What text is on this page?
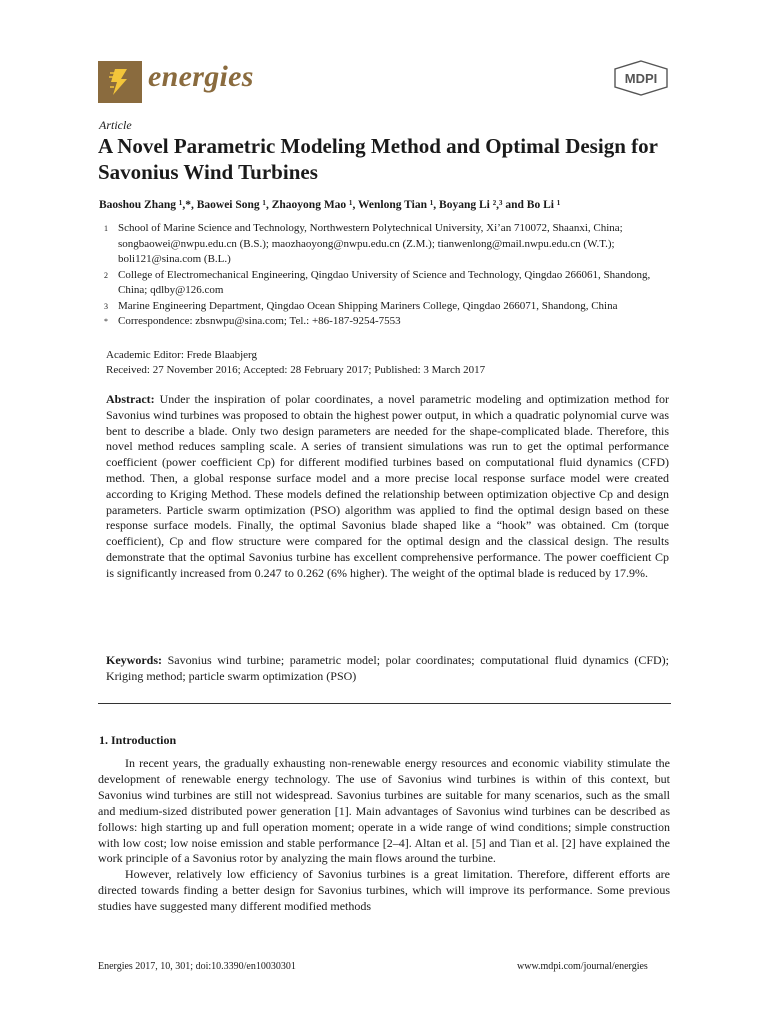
energies	MDPI
Article
A Novel Parametric Modeling Method and Optimal Design for Savonius Wind Turbines
Baoshou Zhang ¹,*, Baowei Song ¹, Zhaoyong Mao ¹, Wenlong Tian ¹, Boyang Li ²,³ and Bo Li ¹
1 School of Marine Science and Technology, Northwestern Polytechnical University, Xi’an 710072, Shaanxi, China; songbaowei@nwpu.edu.cn (B.S.); maozhaoyong@nwpu.edu.cn (Z.M.); tianwenlong@mail.nwpu.edu.cn (W.T.); boli121@sina.com (B.L.)
2 College of Electromechanical Engineering, Qingdao University of Science and Technology, Qingdao 266061, Shandong, China; qdlby@126.com
3 Marine Engineering Department, Qingdao Ocean Shipping Mariners College, Qingdao 266071, Shandong, China
* Correspondence: zbsnwpu@sina.com; Tel.: +86-187-9254-7553
Academic Editor: Frede Blaabjerg
Received: 27 November 2016; Accepted: 28 February 2017; Published: 3 March 2017
Abstract: Under the inspiration of polar coordinates, a novel parametric modeling and optimization method for Savonius wind turbines was proposed to obtain the highest power output, in which a quadratic polynomial curve was bent to describe a blade. Only two design parameters are needed for the shape-complicated blade. Therefore, this novel method reduces sampling scale. A series of transient simulations was run to get the optimal performance coefficient (power coefficient Cp) for different modified turbines based on computational fluid dynamics (CFD) method. Then, a global response surface model and a more precise local response surface model were created according to Kriging Method. These models defined the relationship between optimization objective Cp and design parameters. Particle swarm optimization (PSO) algorithm was applied to find the optimal design based on these response surface models. Finally, the optimal Savonius blade shaped like a “hook” was obtained. Cm (torque coefficient), Cp and flow structure were compared for the optimal design and the classical design. The results demonstrate that the optimal Savonius turbine has excellent comprehensive performance. The power coefficient Cp is significantly increased from 0.247 to 0.262 (6% higher). The weight of the optimal blade is reduced by 17.9%.
Keywords: Savonius wind turbine; parametric model; polar coordinates; computational fluid dynamics (CFD); Kriging method; particle swarm optimization (PSO)
1. Introduction

In recent years, the gradually exhausting non-renewable energy resources and economic viability stimulate the development of renewable energy technology. The use of Savonius wind turbines is within of this context, but Savonius wind turbines are still not widespread. Savonius turbines are suitable for many scenarios, such as the small and medium-sized distributed power generation [1]. Main advantages of Savonius wind turbines can be described as follows: high starting up and full operation moment; operate in a wide range of wind conditions; simple construction with low cost; low noise emission and stable performance [2–4]. Altan et al. [5] and Tian et al. [2] have explained the work principle of a Savonius rotor by analyzing the main flows around the turbine.

However, relatively low efficiency of Savonius turbines is a great limitation. Therefore, different efforts are directed towards finding a better design for Savonius turbines, which will improve its performance. Some previous studies have suggested many different modified methods

Energies 2017, 10, 301; doi:10.3390/en10030301	www.mdpi.com/journal/energies
